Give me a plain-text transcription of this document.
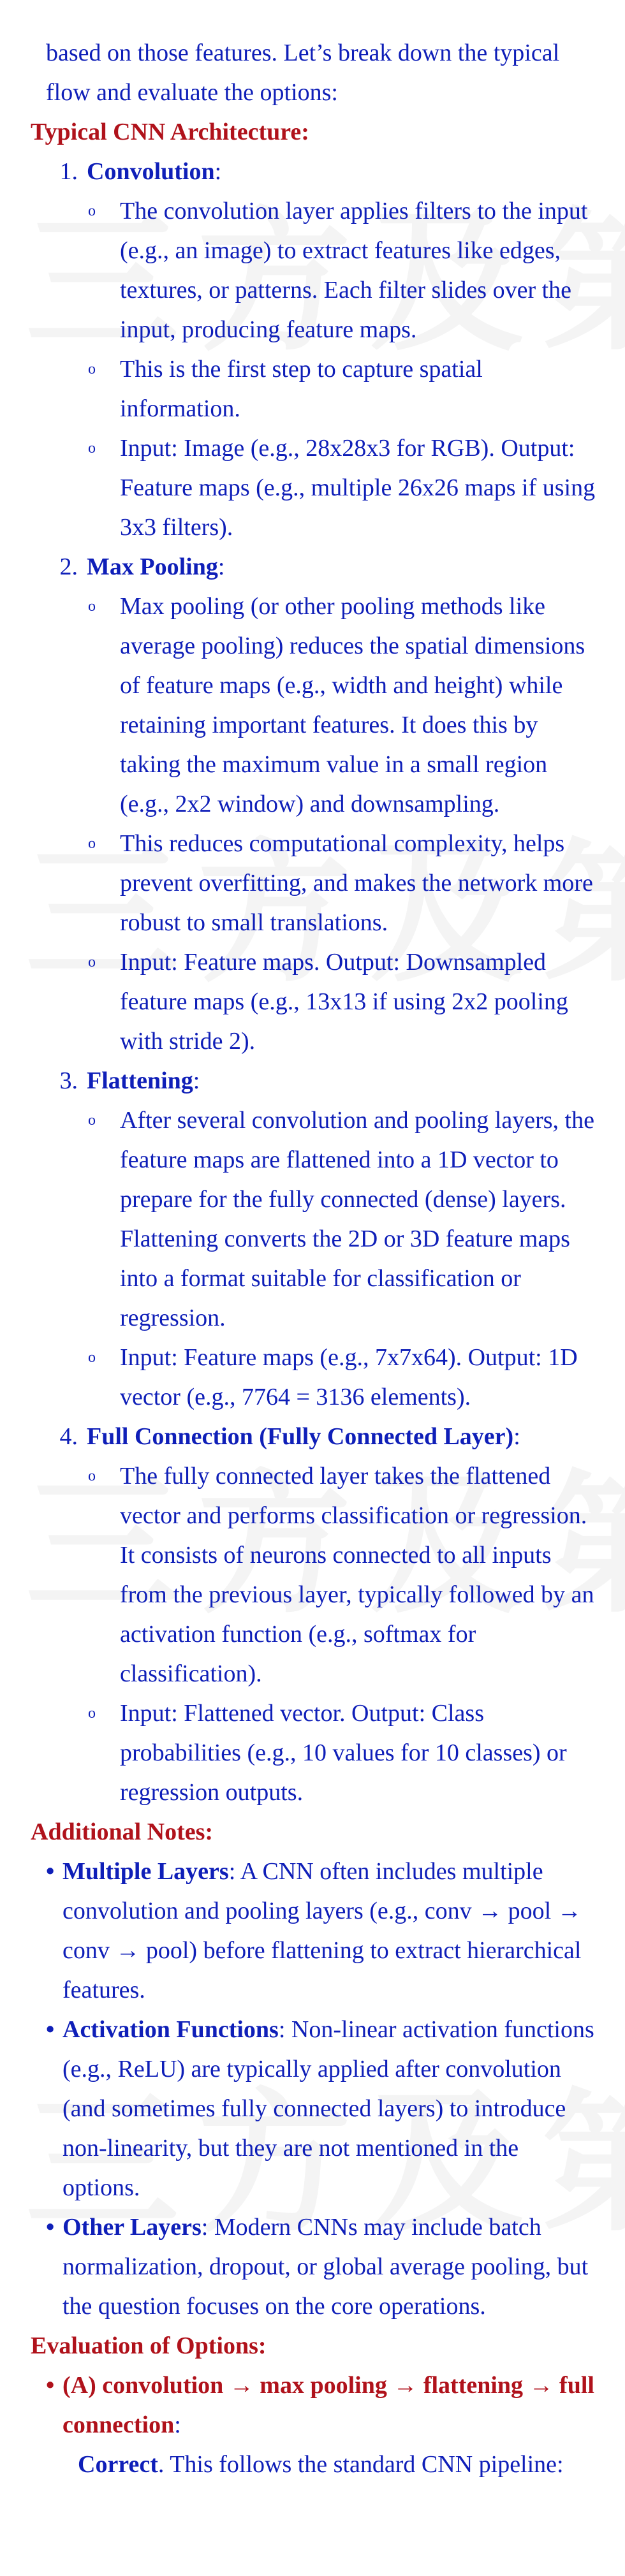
based on those features. Let’s break down the typical flow and evaluate the options:

Typical CNN Architecture:

1. Convolution:
o	The convolution layer applies filters to the input (e.g., an image) to extract features like edges, textures, or patterns. Each filter slides over the input, producing feature maps.
o	This is the first step to capture spatial information.
o	Input: Image (e.g., 28x28x3 for RGB). Output: Feature maps (e.g., multiple 26x26 maps if using 3x3 filters).
2. Max Pooling:
o	Max pooling (or other pooling methods like average pooling) reduces the spatial dimensions of feature maps (e.g., width and height) while retaining important features. It does this by taking the maximum value in a small region (e.g., 2x2 window) and downsampling.
o	This reduces computational complexity, helps prevent overfitting, and makes the network more robust to small translations.
o	Input: Feature maps. Output: Downsampled feature maps (e.g., 13x13 if using 2x2 pooling with stride 2).
3. Flattening:
o	After several convolution and pooling layers, the feature maps are flattened into a 1D vector to prepare for the fully connected (dense) layers. Flattening converts the 2D or 3D feature maps into a format suitable for classification or regression.
o	Input: Feature maps (e.g., 7x7x64). Output: 1D vector (e.g., 7764 = 3136 elements).
4. Full Connection (Fully Connected Layer):
o	The fully connected layer takes the flattened vector and performs classification or regression. It consists of neurons connected to all inputs from the previous layer, typically followed by an activation function (e.g., softmax for classification).
o	Input: Flattened vector. Output: Class probabilities (e.g., 10 values for 10 classes) or regression outputs.

Additional Notes:

• Multiple Layers: A CNN often includes multiple convolution and pooling layers (e.g., conv → pool → conv → pool) before flattening to extract hierarchical features.
• Activation Functions: Non-linear activation functions (e.g., ReLU) are typically applied after convolution (and sometimes fully connected layers) to introduce non-linearity, but they are not mentioned in the options.
• Other Layers: Modern CNNs may include batch normalization, dropout, or global average pooling, but the question focuses on the core operations.

Evaluation of Options:

• (A) convolution → max pooling → flattening → full connection:

Correct. This follows the standard CNN pipeline:
